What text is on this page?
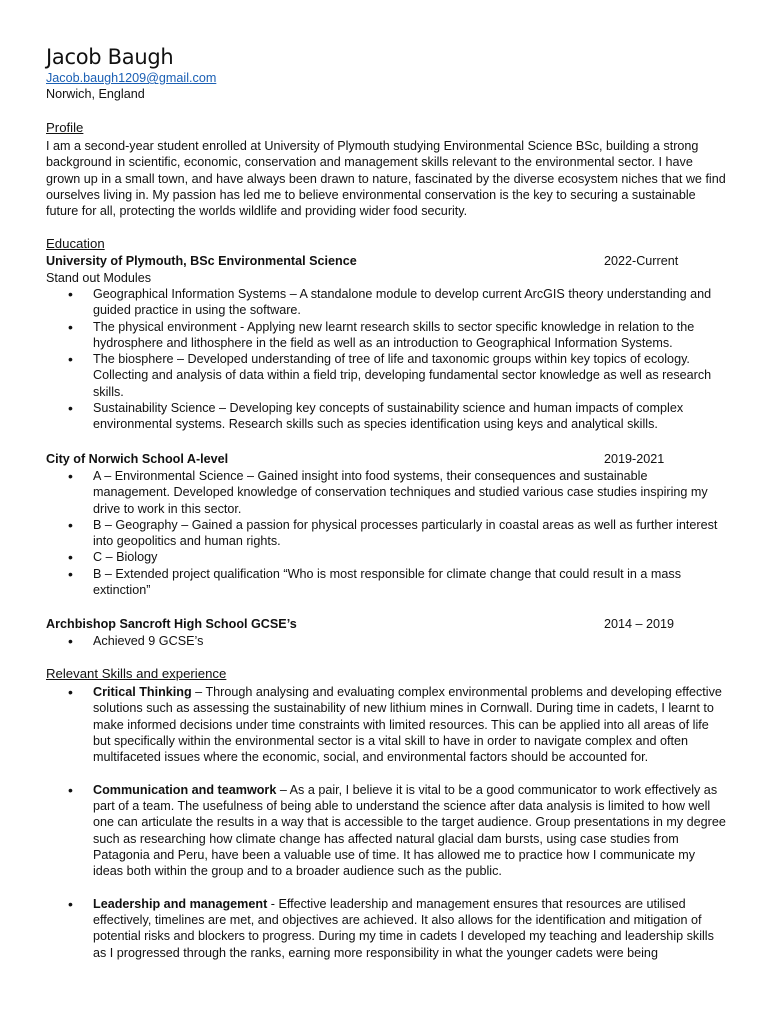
Jacob Baugh
Jacob.baugh1209@gmail.com
Norwich, England
Profile
I am a second-year student enrolled at University of Plymouth studying Environmental Science BSc, building a strong background in scientific, economic, conservation and management skills relevant to the environmental sector. I have grown up in a small town, and have always been drawn to nature, fascinated by the diverse ecosystem niches that we find ourselves living in. My passion has led me to believe environmental conservation is the key to securing a sustainable future for all, protecting the worlds wildlife and providing wider food security.
Education
University of Plymouth, BSc Environmental Science	2022-Current
Stand out Modules
• Geographical Information Systems – A standalone module to develop current ArcGIS theory understanding and guided practice in using the software.
• The physical environment - Applying new learnt research skills to sector specific knowledge in relation to the hydrosphere and lithosphere in the field as well as an introduction to Geographical Information Systems.
• The biosphere – Developed understanding of tree of life and taxonomic groups within key topics of ecology. Collecting and analysis of data within a field trip, developing fundamental sector knowledge as well as research skills.
• Sustainability Science – Developing key concepts of sustainability science and human impacts of complex environmental systems. Research skills such as species identification using keys and analytical skills.
City of Norwich School A-level	2019-2021
• A – Environmental Science – Gained insight into food systems, their consequences and sustainable management. Developed knowledge of conservation techniques and studied various case studies inspiring my drive to work in this sector.
• B – Geography – Gained a passion for physical processes particularly in coastal areas as well as further interest into geopolitics and human rights.
• C – Biology
• B – Extended project qualification “Who is most responsible for climate change that could result in a mass extinction”
Archbishop Sancroft High School GCSE’s	2014 – 2019
• Achieved 9 GCSE’s
Relevant Skills and experience
• Critical Thinking – Through analysing and evaluating complex environmental problems and developing effective solutions such as assessing the sustainability of new lithium mines in Cornwall. During time in cadets, I learnt to make informed decisions under time constraints with limited resources. This can be applied into all areas of life but specifically within the environmental sector is a vital skill to have in order to navigate complex and often multifaceted issues where the economic, social, and environmental factors should be accounted for.
• Communication and teamwork – As a pair, I believe it is vital to be a good communicator to work effectively as part of a team. The usefulness of being able to understand the science after data analysis is limited to how well one can articulate the results in a way that is accessible to the target audience. Group presentations in my degree such as researching how climate change has affected natural glacial dam bursts, using case studies from Patagonia and Peru, have been a valuable use of time. It has allowed me to practice how I communicate my ideas both within the group and to a broader audience such as the public.
• Leadership and management - Effective leadership and management ensures that resources are utilised effectively, timelines are met, and objectives are achieved. It also allows for the identification and mitigation of potential risks and blockers to progress. During my time in cadets I developed my teaching and leadership skills as I progressed through the ranks, earning more responsibility in what the younger cadets were being
